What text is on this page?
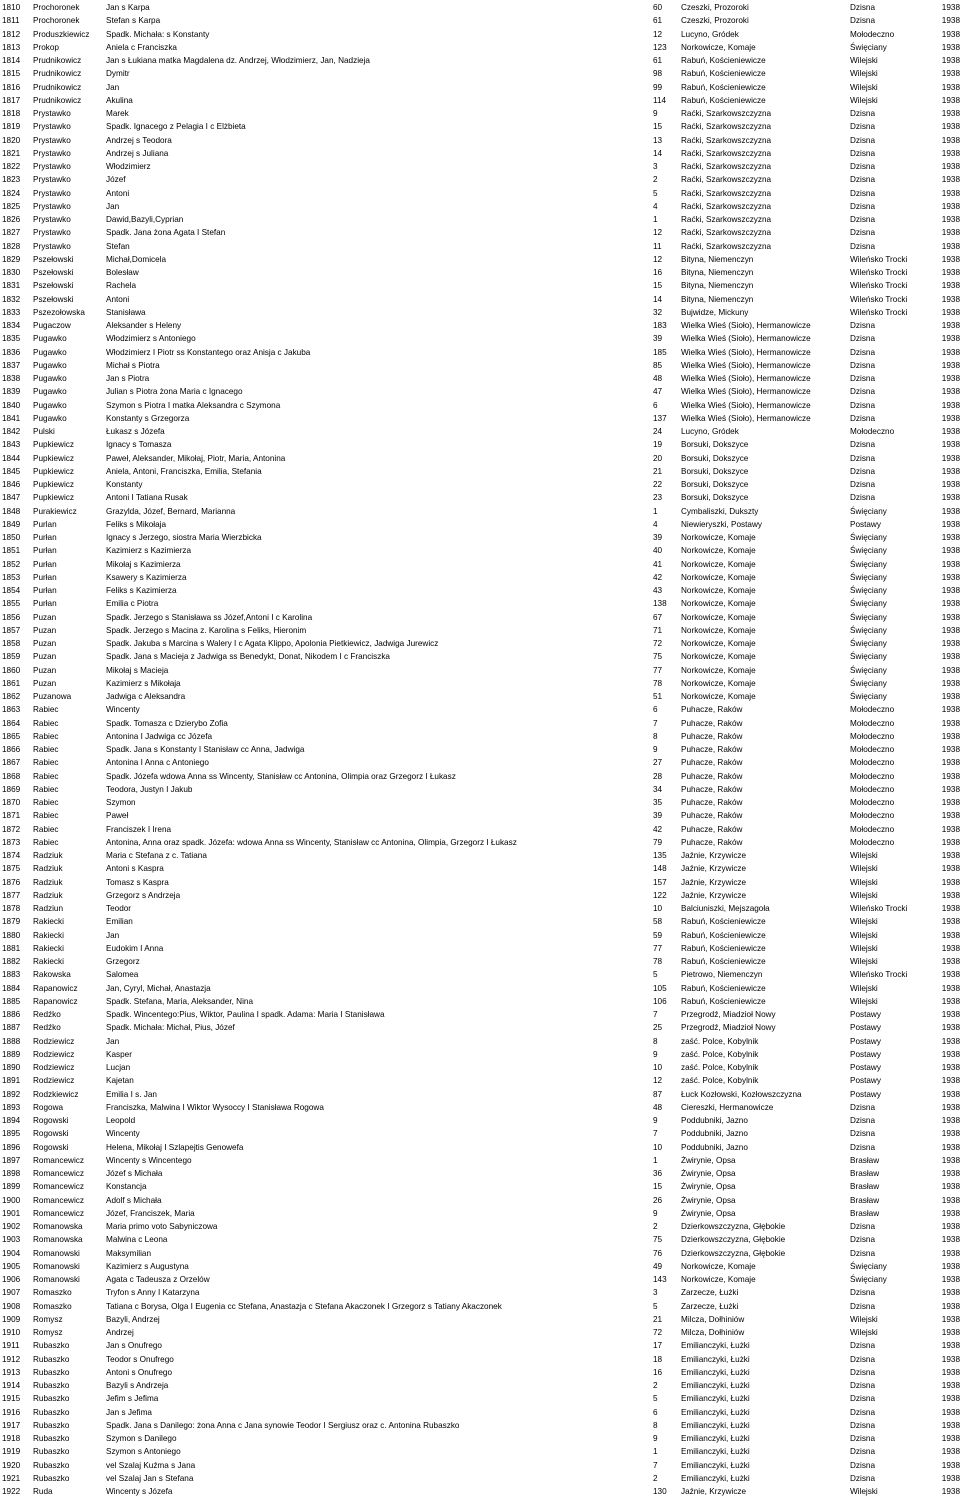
1810	Prochoronek	Jan s Karpa	60	Czeszki, Prozoroki	Dzisna	1938
1811	Prochoronek	Stefan s Karpa	61	Czeszki, Prozoroki	Dzisna	1938
1812	Produszkiewicz	Spadk. Michała: s Konstanty	12	Lucyno, Gródek	Mołodeczno	1938
1813	Prokop	Aniela c Franciszka	123	Norkowicze, Komaje	Święciany	1938
1814	Prudnikowicz	Jan s Łukiana matka Magdalena dz. Andrzej, Włodzimierz, Jan, Nadzieja	61	Rabuń, Kościeniewicze	Wilejski	1938
1815	Prudnikowicz	Dymitr	98	Rabuń, Kościeniewicze	Wilejski	1938
1816	Prudnikowicz	Jan	99	Rabuń, Kościeniewicze	Wilejski	1938
1817	Prudnikowicz	Akulina	114	Rabuń, Kościeniewicze	Wilejski	1938
1818	Prystawko	Marek	9	Raćki, Szarkowszczyzna	Dzisna	1938
1819	Prystawko	Spadk. Ignacego z Pelagia I c Elżbieta	15	Raćki, Szarkowszczyzna	Dzisna	1938
1820	Prystawko	Andrzej s Teodora	13	Raćki, Szarkowszczyzna	Dzisna	1938
1821	Prystawko	Andrzej s Juliana	14	Raćki, Szarkowszczyzna	Dzisna	1938
1822	Prystawko	Włodzimierz	3	Raćki, Szarkowszczyzna	Dzisna	1938
1823	Prystawko	Józef	2	Raćki, Szarkowszczyzna	Dzisna	1938
1824	Prystawko	Antoni	5	Raćki, Szarkowszczyzna	Dzisna	1938
1825	Prystawko	Jan	4	Raćki, Szarkowszczyzna	Dzisna	1938
1826	Prystawko	Dawid,Bazyli,Cyprian	1	Raćki, Szarkowszczyzna	Dzisna	1938
1827	Prystawko	Spadk. Jana żona Agata I Stefan	12	Raćki, Szarkowszczyzna	Dzisna	1938
1828	Prystawko	Stefan	11	Raćki, Szarkowszczyzna	Dzisna	1938
1829	Pszełowski	Michał,Domicela	12	Bityna, Niemenczyn	Wileńsko Trocki	1938
1830	Pszełowski	Bolesław	16	Bityna, Niemenczyn	Wileńsko Trocki	1938
1831	Pszełowski	Rachela	15	Bityna, Niemenczyn	Wileńsko Trocki	1938
1832	Pszełowski	Antoni	14	Bityna, Niemenczyn	Wileńsko Trocki	1938
1833	Pszezołowska	Stanisława	32	Bujwidze, Mickuny	Wileńsko Trocki	1938
1834	Pugaczow	Aleksander s Heleny	183	Wielka Wieś (Sioło), Hermanowicze	Dzisna	1938
1835	Pugawko	Włodzimierz s Antoniego	39	Wielka Wieś (Sioło), Hermanowicze	Dzisna	1938
1836	Pugawko	Włodzimierz I Piotr ss Konstantego oraz Anisja c Jakuba	185	Wielka Wieś (Sioło), Hermanowicze	Dzisna	1938
1837	Pugawko	Michał s Piotra	85	Wielka Wieś (Sioło), Hermanowicze	Dzisna	1938
1838	Pugawko	Jan s Piotra	48	Wielka Wieś (Sioło), Hermanowicze	Dzisna	1938
1839	Pugawko	Julian s Piotra żona Maria c Ignacego	47	Wielka Wieś (Sioło), Hermanowicze	Dzisna	1938
1840	Pugawko	Szymon s Piotra I matka Aleksandra c Szymona	6	Wielka Wieś (Sioło), Hermanowicze	Dzisna	1938
1841	Pugawko	Konstanty s Grzegorza	137	Wielka Wieś (Sioło), Hermanowicze	Dzisna	1938
1842	Pulski	Łukasz s Józefa	24	Lucyno, Gródek	Mołodeczno	1938
1843	Pupkiewicz	Ignacy s Tomasza	19	Borsuki, Dokszyce	Dzisna	1938
1844	Pupkiewicz	Paweł, Aleksander, Mikołaj, Piotr, Maria, Antonina	20	Borsuki, Dokszyce	Dzisna	1938
1845	Pupkiewicz	Aniela, Antoni, Franciszka, Emilia, Stefania	21	Borsuki, Dokszyce	Dzisna	1938
1846	Pupkiewicz	Konstanty	22	Borsuki, Dokszyce	Dzisna	1938
1847	Pupkiewicz	Antoni I Tatiana Rusak	23	Borsuki, Dokszyce	Dzisna	1938
1848	Purakiewicz	Grazylda, Józef, Bernard, Marianna	1	Cymbaliszki, Dukszty	Święciany	1938
1849	Purlan	Feliks s Mikołaja	4	Niewieryszki, Postawy	Postawy	1938
1850	Purłan	Ignacy s Jerzego, siostra Maria Wierzbicka	39	Norkowicze, Komaje	Święciany	1938
1851	Purłan	Kazimierz s Kazimierza	40	Norkowicze, Komaje	Święciany	1938
1852	Purłan	Mikołaj s Kazimierza	41	Norkowicze, Komaje	Święciany	1938
1853	Purłan	Ksawery s Kazimierza	42	Norkowicze, Komaje	Święciany	1938
1854	Purłan	Feliks s Kazimierza	43	Norkowicze, Komaje	Święciany	1938
1855	Purłan	Emilia c Piotra	138	Norkowicze, Komaje	Święciany	1938
1856	Puzan	Spadk. Jerzego s Stanisława ss Józef,Antoni I c Karolina	67	Norkowicze, Komaje	Święciany	1938
1857	Puzan	Spadk. Jerzego s Macina z. Karolina s Feliks, Hieronim	71	Norkowicze, Komaje	Święciany	1938
1858	Puzan	Spadk. Jakuba s Marcina s Walery I c Agata Klippo, Apolonia Pietkiewicz, Jadwiga Jurewicz	72	Norkowicze, Komaje	Święciany	1938
1859	Puzan	Spadk. Jana s Macieja z Jadwiga ss Benedykt, Donat, Nikodem I c Franciszka	75	Norkowicze, Komaje	Święciany	1938
1860	Puzan	Mikołaj s Macieja	77	Norkowicze, Komaje	Święciany	1938
1861	Puzan	Kazimierz s Mikołaja	78	Norkowicze, Komaje	Święciany	1938
1862	Puzanowa	Jadwiga c Aleksandra	51	Norkowicze, Komaje	Święciany	1938
1863	Rabiec	Wincenty	6	Puhacze, Raków	Mołodeczno	1938
1864	Rabiec	Spadk. Tomasza c Dzierybo Zofia	7	Puhacze, Raków	Mołodeczno	1938
1865	Rabiec	Antonina I Jadwiga cc Józefa	8	Puhacze, Raków	Mołodeczno	1938
1866	Rabiec	Spadk. Jana s Konstanty I Stanisław cc Anna, Jadwiga	9	Puhacze, Raków	Mołodeczno	1938
1867	Rabiec	Antonina I Anna c Antoniego	27	Puhacze, Raków	Mołodeczno	1938
1868	Rabiec	Spadk. Józefa wdowa Anna ss Wincenty, Stanisław cc Antonina, Olimpia oraz Grzegorz I Łukasz	28	Puhacze, Raków	Mołodeczno	1938
1869	Rabiec	Teodora, Justyn I Jakub	34	Puhacze, Raków	Mołodeczno	1938
1870	Rabiec	Szymon	35	Puhacze, Raków	Mołodeczno	1938
1871	Rabiec	Paweł	39	Puhacze, Raków	Mołodeczno	1938
1872	Rabiec	Franciszek I Irena	42	Puhacze, Raków	Mołodeczno	1938
1873	Rabiec	Antonina, Anna oraz spadk. Józefa: wdowa Anna ss Wincenty, Stanisław cc Antonina, Olimpia, Grzegorz I Łukasz	79	Puhacze, Raków	Mołodeczno	1938
1874	Radziuk	Maria c Stefana z c. Tatiana	135	Jaźnie, Krzywicze	Wilejski	1938
1875	Radziuk	Antoni s Kaspra	148	Jaźnie, Krzywicze	Wilejski	1938
1876	Radziuk	Tomasz s Kaspra	157	Jaźnie, Krzywicze	Wilejski	1938
1877	Radziuk	Grzegorz s Andrzeja	122	Jaźnie, Krzywicze	Wilejski	1938
1878	Radziun	Teodor	10	Balciuniszki, Mejszagoła	Wileńsko Trocki	1938
1879	Rakiecki	Emilian	58	Rabuń, Kościeniewicze	Wilejski	1938
1880	Rakiecki	Jan	59	Rabuń, Kościeniewicze	Wilejski	1938
1881	Rakiecki	Eudokim I Anna	77	Rabuń, Kościeniewicze	Wilejski	1938
1882	Rakiecki	Grzegorz	78	Rabuń, Kościeniewicze	Wilejski	1938
1883	Rakowska	Salomea	5	Pietrowo, Niemenczyn	Wileńsko Trocki	1938
1884	Rapanowicz	Jan, Cyryl, Michał, Anastazja	105	Rabuń, Kościeniewicze	Wilejski	1938
1885	Rapanowicz	Spadk. Stefana, Maria, Aleksander, Nina	106	Rabuń, Kościeniewicze	Wilejski	1938
1886	Redźko	Spadk. Wincentego:Pius, Wiktor, Paulina I spadk. Adama: Maria I Stanisława	7	Przegrodź, Miadzioł Nowy	Postawy	1938
1887	Redźko	Spadk. Michała: Michał, Pius, Józef	25	Przegrodź, Miadzioł Nowy	Postawy	1938
1888	Rodziewicz	Jan	8	zaść. Polce, Kobylnik	Postawy	1938
1889	Rodziewicz	Kasper	9	zaść. Polce, Kobylnik	Postawy	1938
1890	Rodziewicz	Lucjan	10	zaść. Polce, Kobylnik	Postawy	1938
1891	Rodziewicz	Kajetan	12	zaść. Polce, Kobylnik	Postawy	1938
1892	Rodzkiewicz	Emilia I s. Jan	87	Łuck Kozłowski, Kozłowszczyzna	Postawy	1938
1893	Rogowa	Franciszka, Malwina I Wiktor Wysoccy I Stanisława Rogowa	48	Ciereszki, Hermanowicze	Dzisna	1938
1894	Rogowski	Leopold	9	Poddubniki, Jazno	Dzisna	1938
1895	Rogowski	Wincenty	7	Poddubniki, Jazno	Dzisna	1938
1896	Rogowski	Helena, Mikołaj I Szlapejtis Genowefa	10	Poddubniki, Jazno	Dzisna	1938
1897	Romancewicz	Wincenty s Wincentego	1	Żwirynie, Opsa	Brasław	1938
1898	Romancewicz	Józef s Michała	36	Żwirynie, Opsa	Brasław	1938
1899	Romancewicz	Konstancja	15	Żwirynie, Opsa	Brasław	1938
1900	Romancewicz	Adolf s Michała	26	Żwirynie, Opsa	Brasław	1938
1901	Romancewicz	Józef, Franciszek, Maria	9	Żwirynie, Opsa	Brasław	1938
1902	Romanowska	Maria primo voto Sabyniczowa	2	Dzierkowszczyzna, Głębokie	Dzisna	1938
1903	Romanowska	Malwina c Leona	75	Dzierkowszczyzna, Głębokie	Dzisna	1938
1904	Romanowski	Maksymilian	76	Dzierkowszczyzna, Głębokie	Dzisna	1938
1905	Romanowski	Kazimierz s Augustyna	49	Norkowicze, Komaje	Święciany	1938
1906	Romanowski	Agata c Tadeusza z Orzelów	143	Norkowicze, Komaje	Święciany	1938
1907	Romaszko	Tryfon s Anny I Katarzyna	3	Zarzecze, Łużki	Dzisna	1938
1908	Romaszko	Tatiana c Borysa, Olga I Eugenia cc Stefana, Anastazja c Stefana Akaczonek I Grzegorz s Tatiany Akaczonek	5	Zarzecze, Łużki	Dzisna	1938
1909	Romysz	Bazyli, Andrzej	21	Milcza, Dołhiniów	Wilejski	1938
1910	Romysz	Andrzej	72	Milcza, Dołhiniów	Wilejski	1938
1911	Rubaszko	Jan s Onufrego	17	Emilianczyki, Łużki	Dzisna	1938
1912	Rubaszko	Teodor s Onufrego	18	Emilianczyki, Łużki	Dzisna	1938
1913	Rubaszko	Antoni s Onufrego	16	Emilianczyki, Łużki	Dzisna	1938
1914	Rubaszko	Bazyli s Andrzeja	2	Emilianczyki, Łużki	Dzisna	1938
1915	Rubaszko	Jefim s Jefima	5	Emilianczyki, Łużki	Dzisna	1938
1916	Rubaszko	Jan s Jefima	6	Emilianczyki, Łużki	Dzisna	1938
1917	Rubaszko	Spadk. Jana s Danilego: żona Anna c Jana synowie Teodor I Sergiusz oraz c. Antonina Rubaszko	8	Emilianczyki, Łużki	Dzisna	1938
1918	Rubaszko	Szymon s Danilego	9	Emilianczyki, Łużki	Dzisna	1938
1919	Rubaszko	Szymon s Antoniego	1	Emilianczyki, Łużki	Dzisna	1938
1920	Rubaszko	vel Szalaj Kuźma s Jana	7	Emilianczyki, Łużki	Dzisna	1938
1921	Rubaszko	vel Szalaj Jan s Stefana	2	Emilianczyki, Łużki	Dzisna	1938
1922	Ruda	Wincenty s Józefa	130	Jaźnie, Krzywicze	Wilejski	1938
